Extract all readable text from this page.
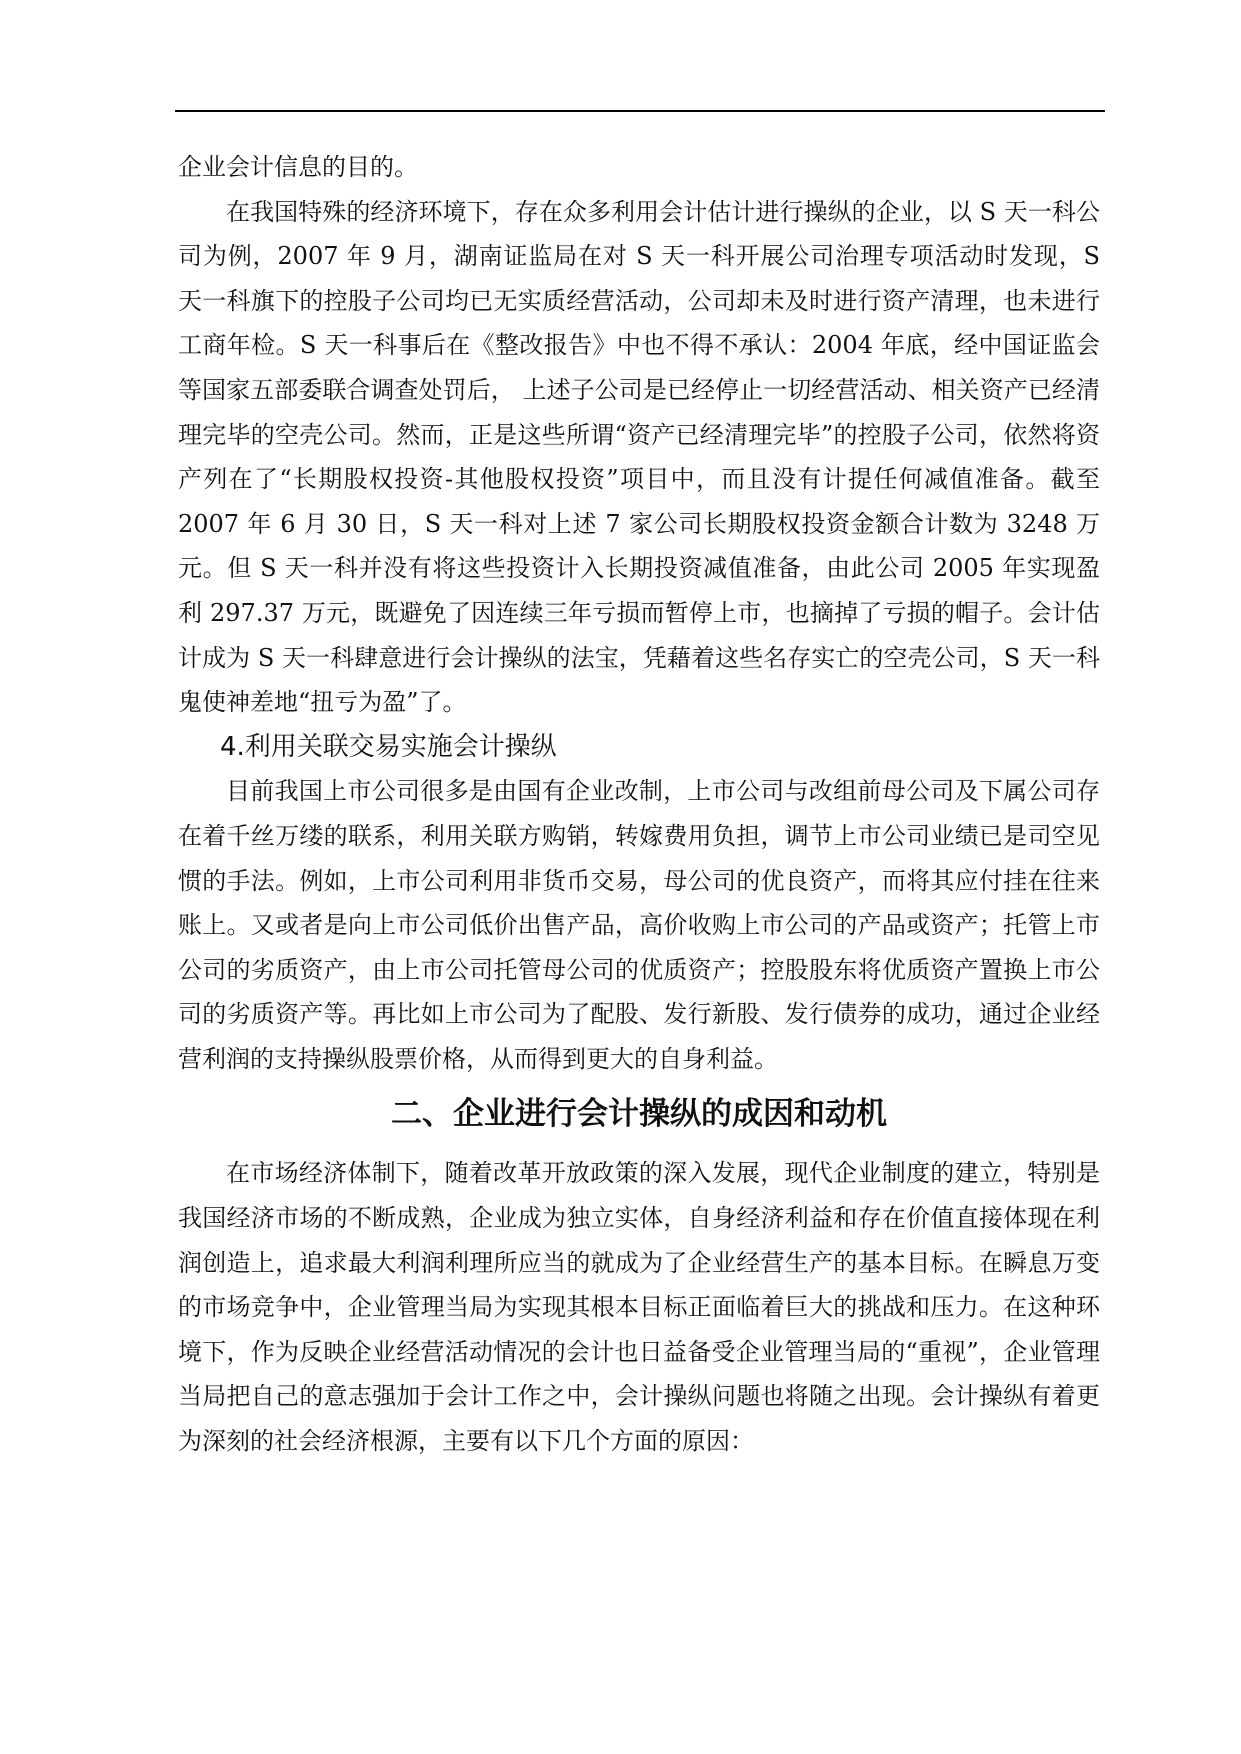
企业会计信息的目的。

在我国特殊的经济环境下，存在众多利用会计估计进行操纵的企业，以 S 天一科公司为例，2007 年 9 月，湖南证监局在对 S 天一科开展公司治理专项活动时发现，S 天一科旗下的控股子公司均已无实质经营活动，公司却未及时进行资产清理，也未进行工商年检。S 天一科事后在《整改报告》中也不得不承认：2004 年底，经中国证监会等国家五部委联合调查处罚后， 上述子公司是已经停止一切经营活动、相关资产已经清理完毕的空壳公司。然而，正是这些所谓“资产已经清理完毕”的控股子公司，依然将资产列在了“长期股权投资-其他股权投资”项目中，而且没有计提任何减值准备。截至 2007 年 6 月 30 日，S 天一科对上述 7 家公司长期股权投资金额合计数为 3248 万元。但 S 天一科并没有将这些投资计入长期投资减值准备，由此公司 2005 年实现盈利 297.37 万元，既避免了因连续三年亏损而暂停上市，也摘掉了亏损的帽子。会计估计成为 S 天一科肆意进行会计操纵的法宝，凭藉着这些名存实亡的空壳公司，S 天一科鬼使神差地“扭亏为盈”了。

4.利用关联交易实施会计操纵

目前我国上市公司很多是由国有企业改制，上市公司与改组前母公司及下属公司存在着千丝万缕的联系，利用关联方购销，转嫁费用负担，调节上市公司业绩已是司空见惯的手法。例如，上市公司利用非货币交易，母公司的优良资产，而将其应付挂在往来账上。又或者是向上市公司低价出售产品，高价收购上市公司的产品或资产；托管上市公司的劣质资产，由上市公司托管母公司的优质资产；控股股东将优质资产置换上市公司的劣质资产等。再比如上市公司为了配股、发行新股、发行债券的成功，通过企业经营利润的支持操纵股票价格，从而得到更大的自身利益。

二、企业进行会计操纵的成因和动机

在市场经济体制下，随着改革开放政策的深入发展，现代企业制度的建立，特别是我国经济市场的不断成熟，企业成为独立实体，自身经济利益和存在价值直接体现在利润创造上，追求最大利润利理所应当的就成为了企业经营生产的基本目标。在瞬息万变的市场竞争中，企业管理当局为实现其根本目标正面临着巨大的挑战和压力。在这种环境下，作为反映企业经营活动情况的会计也日益备受企业管理当局的“重视”，企业管理当局把自己的意志强加于会计工作之中，会计操纵问题也将随之出现。会计操纵有着更为深刻的社会经济根源，主要有以下几个方面的原因：
